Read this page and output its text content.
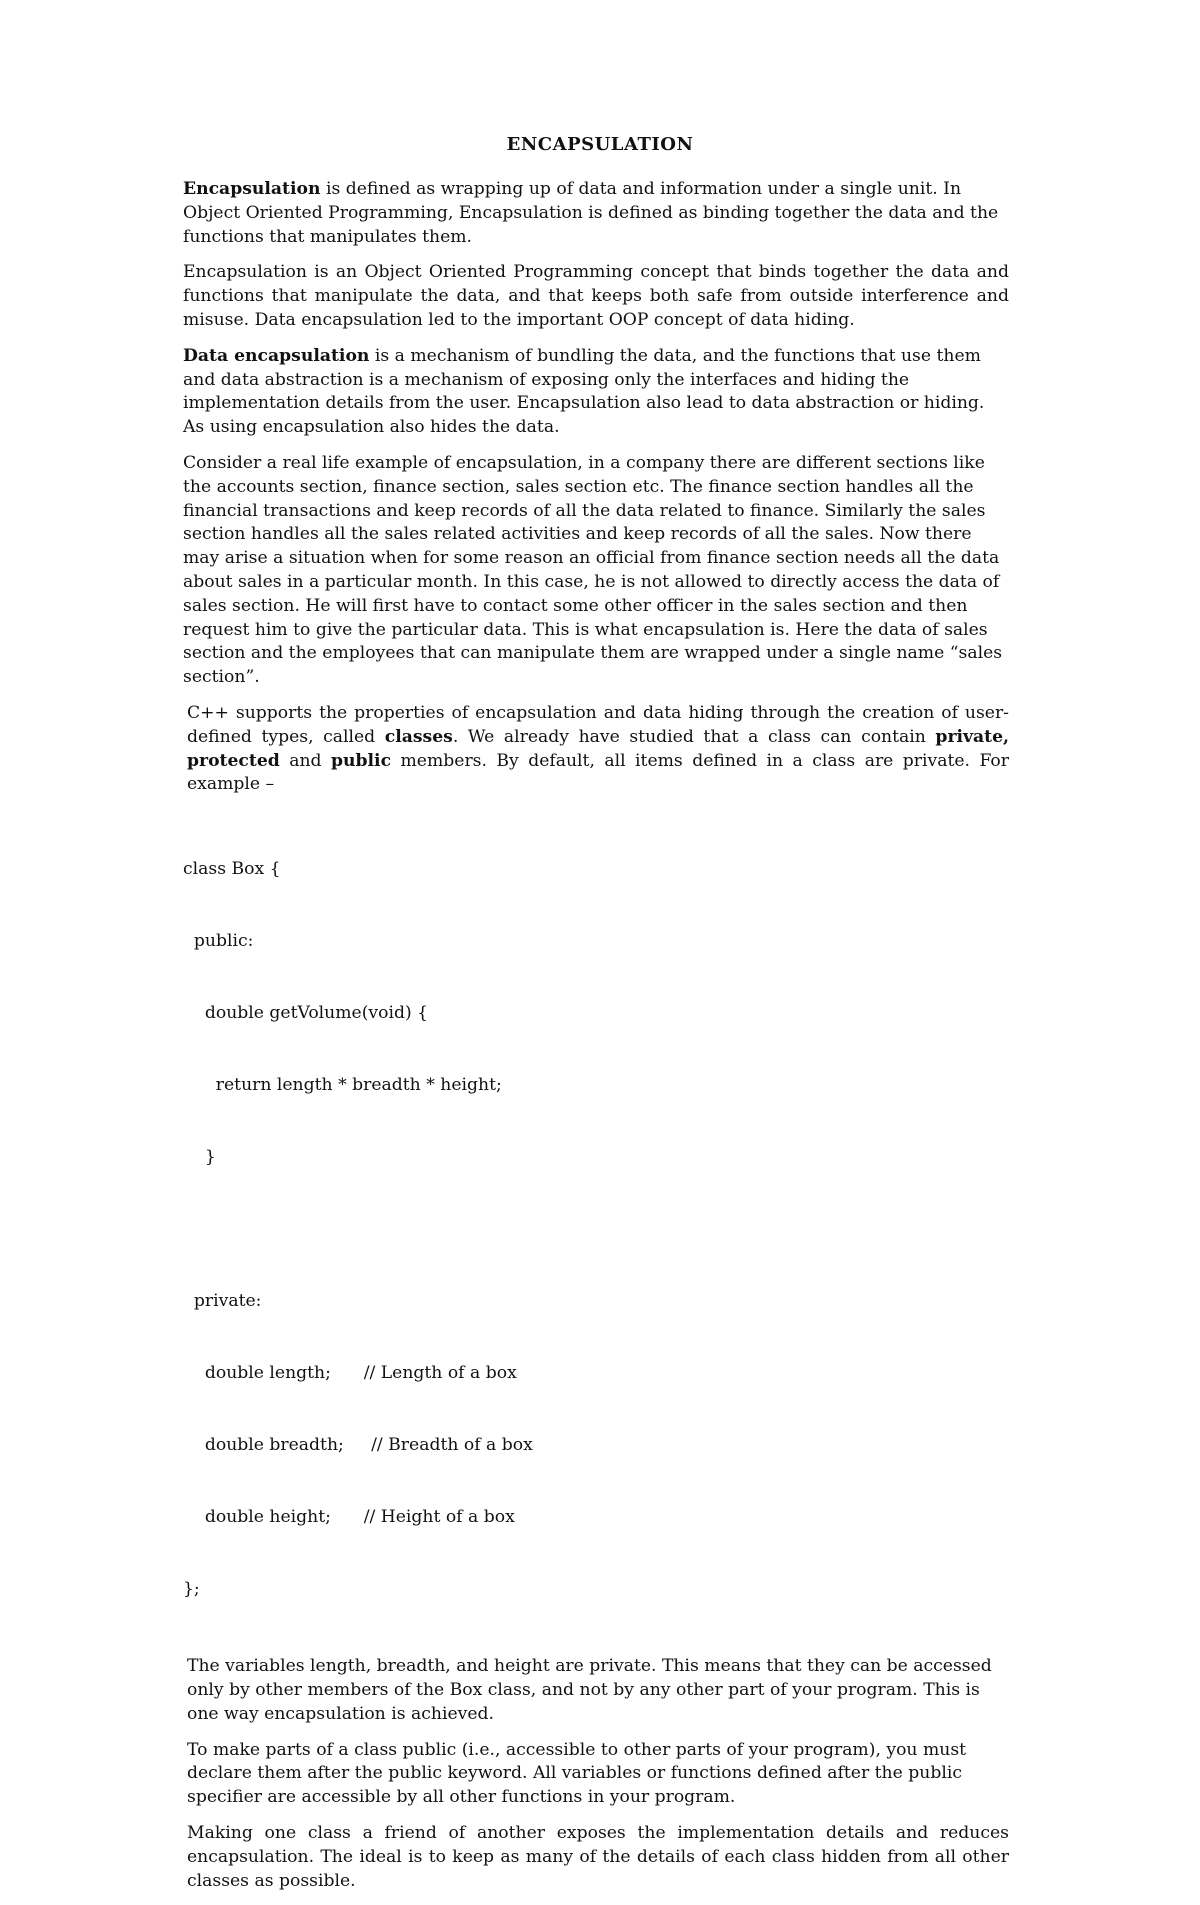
ENCAPSULATION

Encapsulation is defined as wrapping up of data and information under a single unit. In Object Oriented Programming, Encapsulation is defined as binding together the data and the functions that manipulates them.

Encapsulation is an Object Oriented Programming concept that binds together the data and functions that manipulate the data, and that keeps both safe from outside interference and misuse. Data encapsulation led to the important OOP concept of data hiding.

Data encapsulation is a mechanism of bundling the data, and the functions that use them and data abstraction is a mechanism of exposing only the interfaces and hiding the implementation details from the user. Encapsulation also lead to data abstraction or hiding. As using encapsulation also hides the data.

Consider a real life example of encapsulation, in a company there are different sections like the accounts section, finance section, sales section etc. The finance section handles all the financial transactions and keep records of all the data related to finance. Similarly the sales section handles all the sales related activities and keep records of all the sales. Now there may arise a situation when for some reason an official from finance section needs all the data about sales in a particular month. In this case, he is not allowed to directly access the data of sales section. He will first have to contact some other officer in the sales section and then request him to give the particular data. This is what encapsulation is. Here the data of sales section and the employees that can manipulate them are wrapped under a single name “sales section”.

C++ supports the properties of encapsulation and data hiding through the creation of user-defined types, called classes. We already have studied that a class can contain private, protected and public members. By default, all items defined in a class are private. For example –

class Box {

public:

double getVolume(void) {

return length * breadth * height;

}

private:

double length;      // Length of a box

double breadth;     // Breadth of a box

double height;      // Height of a box

};

The variables length, breadth, and height are private. This means that they can be accessed only by other members of the Box class, and not by any other part of your program. This is one way encapsulation is achieved.

To make parts of a class public (i.e., accessible to other parts of your program), you must declare them after the public keyword. All variables or functions defined after the public specifier are accessible by all other functions in your program.

Making one class a friend of another exposes the implementation details and reduces encapsulation. The ideal is to keep as many of the details of each class hidden from all other classes as possible.
